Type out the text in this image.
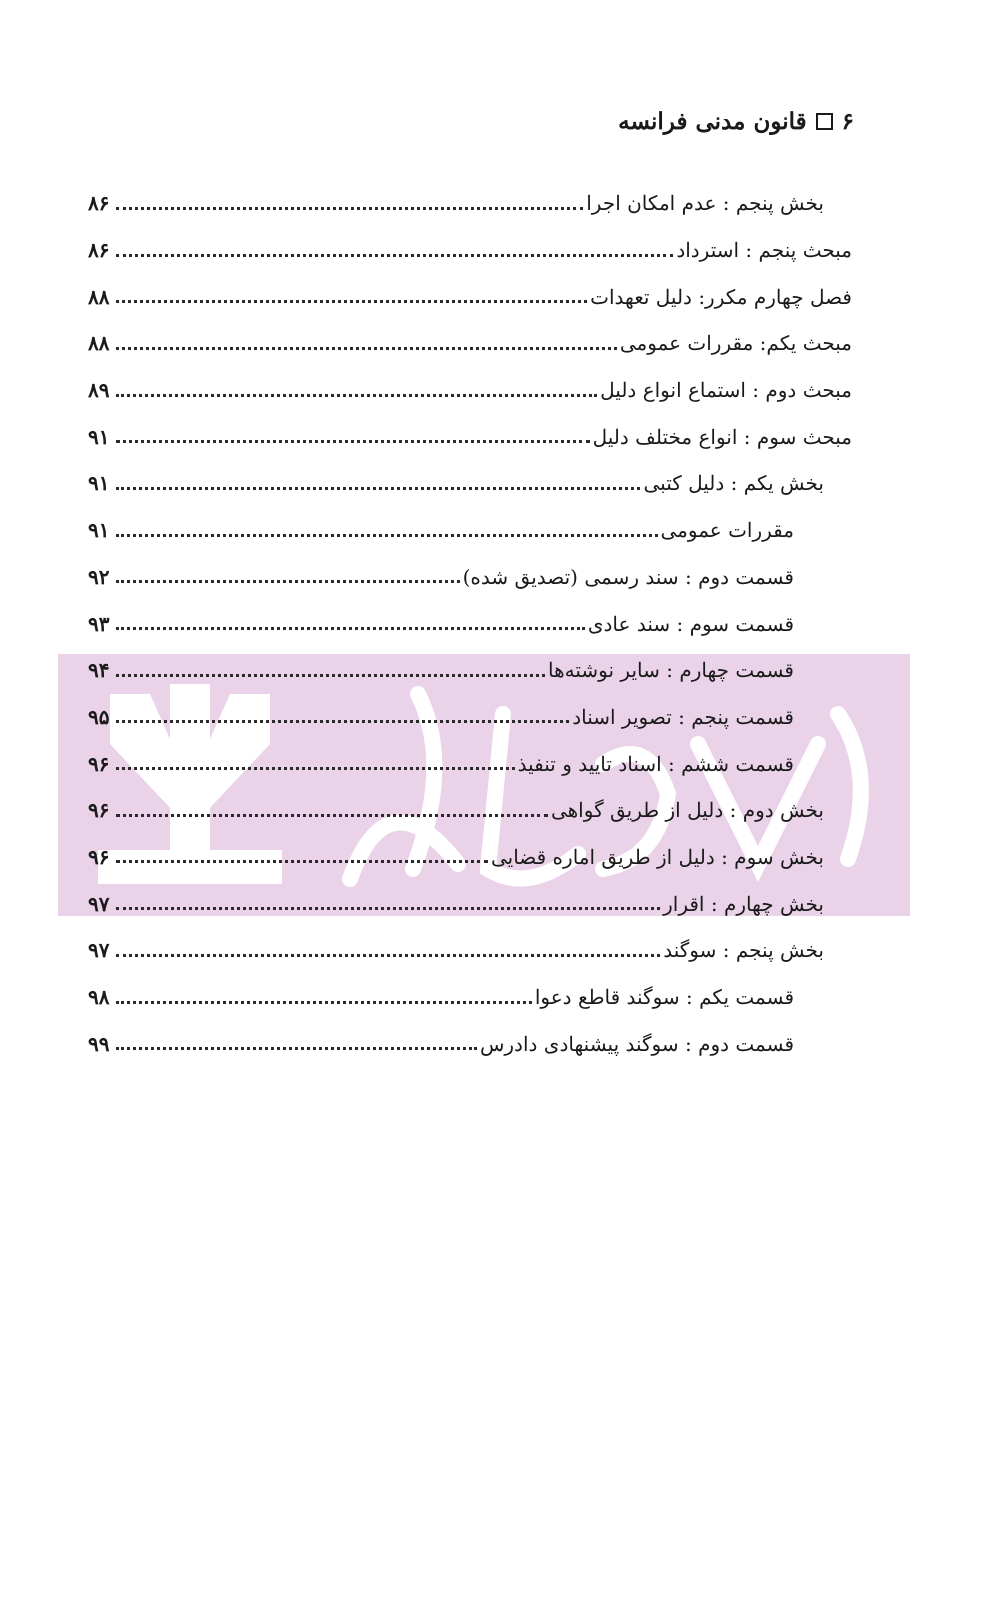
۶
قانون مدنی فرانسه
بخش پنجم : عدم امکان اجرا
۸۶
مبحث پنجم : استرداد
۸۶
فصل چهارم مکرر: دلیل تعهدات
۸۸
مبحث یکم: مقررات عمومی
۸۸
مبحث دوم : استماع انواع دلیل
۸۹
مبحث سوم : انواع مختلف دلیل
۹۱
بخش یکم : دلیل کتبی
۹۱
مقررات عمومی
۹۱
قسمت دوم : سند رسمی (تصدیق شده)
۹۲
قسمت سوم : سند عادی
۹۳
قسمت چهارم : سایر نوشته‌ها
۹۴
قسمت پنجم : تصویر اسناد
۹۵
قسمت ششم : اسناد تایید و تنفیذ
۹۶
بخش دوم : دلیل از طریق گواهی
۹۶
بخش سوم : دلیل از طریق اماره قضایی
۹۶
بخش چهارم : اقرار
۹۷
بخش پنجم : سوگند
۹۷
قسمت یکم : سوگند قاطع دعوا
۹۸
قسمت دوم : سوگند پیشنهادی دادرس
۹۹
